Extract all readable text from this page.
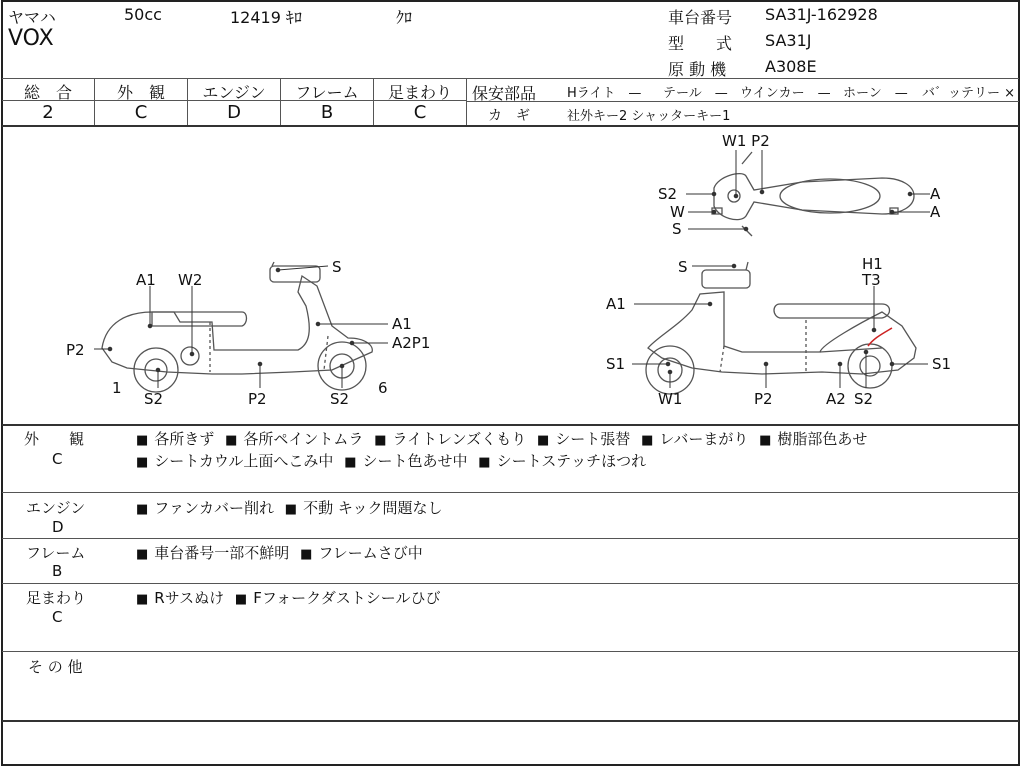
ヤマハ	50cc	12419 ｷﾛ	ｸﾛ
VOX
車台番号 SA31J-162928
型　　式 SA31J
原 動 機 A308E
総　合
2
外　観
C
エンジン
D
フレーム
B
足まわり
C
保安部品 Hライト　— テール　— ウインカー　— ホーン　— バ゛ッテリー ×
カ　ギ	社外キー2 シャッターキー1
A1 W2
S
A1
A2P1
P2
1
S2	P2	S2
6
W1 P2
S2
W
S
A
A
S	H1
T3
A1
S1	S1
W1	P2	A2 S2
外　　観
C
■ 各所きず ■ 各所ペイントムラ ■ ライトレンズくもり ■ シート張替 ■ レバーまがり ■ 樹脂部色あせ
■ シートカウル上面へこみ中 ■ シート色あせ中 ■ シートステッチほつれ
エンジン
D
■ ファンカバー削れ ■ 不動 キック問題なし
フレーム
B
■ 車台番号一部不鮮明 ■ フレームさび中
足まわり
C
■ Rサスぬけ ■ Fフォークダストシールひび
そ の 他
